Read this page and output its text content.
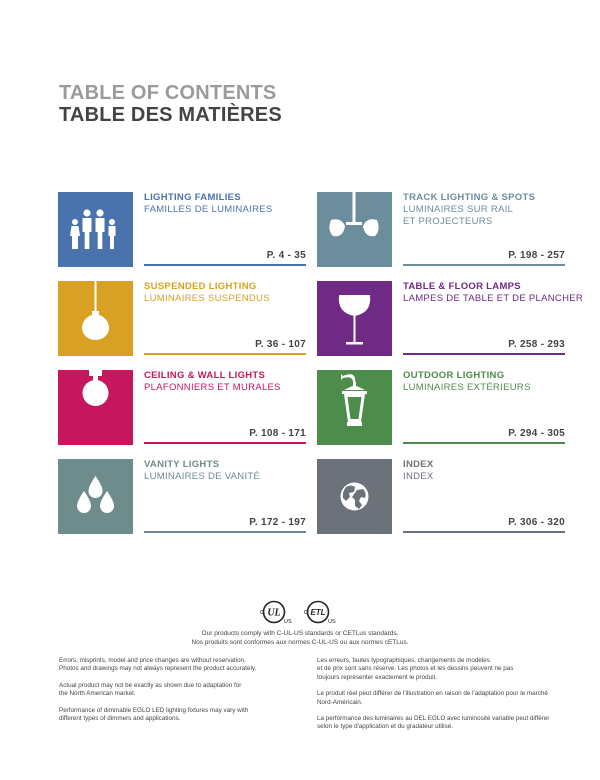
TABLE OF CONTENTS
TABLE DES MATIÈRES
LIGHTING FAMILIES
FAMILLES DE LUMINAIRES

P. 4 - 35
TRACK LIGHTING & SPOTS
LUMINAIRES SUR RAIL
ET PROJECTEURS
P. 198 - 257
SUSPENDED LIGHTING
LUMINAIRES SUSPENDUS

P. 36 - 107
TABLE & FLOOR LAMPS
LAMPES DE TABLE ET DE PLANCHER

P. 258 - 293
CEILING & WALL LIGHTS
PLAFONNIERS ET MURALES

P. 108 - 171
OUTDOOR LIGHTING
LUMINAIRES EXTÉRIEURS

P. 294 - 305
VANITY LIGHTS
LUMINAIRES DE VANITÉ

P. 172 - 197
INDEX
INDEX

P. 306 - 320
UL
c
US
ETL
c
US
Our products comply with C-UL-US standards or CETLus standards.
Nos produits sont conformes aux normes C-UL-US ou aux normes cETLus.
Errors, misprints, model and price changes are without reservation.
Photos and drawings may not always represent the product accurately.
Actual product may not be exactly as shown due to adaptation for
the North American market.
Performance of dimmable EGLO LED lighting fixtures may vary with
different types of dimmers and applications.
Les erreurs, fautes typographiques, changements de modèles
et de prix sont sans réserve. Les photos et les dessins peuvent ne pas
toujours représenter exactement le produit.
Le produit réel peut différer de l'illustration en raison de l'adaptation pour le marché
Nord-Américain.
La performance des luminaires au DEL EGLO avec luminosité variable peut différer
selon le type d'application et du gradateur utilisé.
